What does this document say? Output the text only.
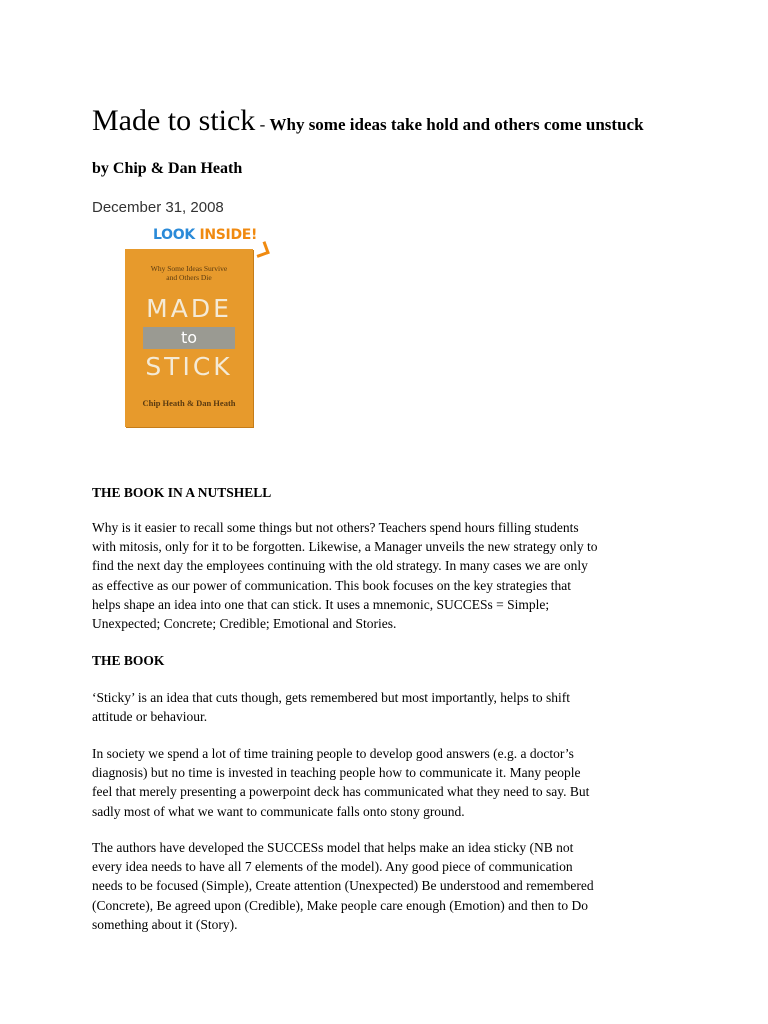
Made to stick - Why some ideas take hold and others come unstuck
by Chip & Dan Heath
December 31, 2008
LOOK INSIDE!
Why Some Ideas Survive
and Others Die
MADE
to
STICK
Chip Heath & Dan Heath
THE BOOK IN A NUTSHELL
Why is it easier to recall some things but not others? Teachers spend hours filling students
with mitosis, only for it to be forgotten. Likewise, a Manager unveils the new strategy only to
find the next day the employees continuing with the old strategy. In many cases we are only
as effective as our power of communication. This book focuses on the key strategies that
helps shape an idea into one that can stick. It uses a mnemonic, SUCCESs = Simple;
Unexpected; Concrete; Credible; Emotional and Stories.
THE BOOK
‘Sticky’ is an idea that cuts though, gets remembered but most importantly, helps to shift
attitude or behaviour.
In society we spend a lot of time training people to develop good answers (e.g. a doctor’s
diagnosis) but no time is invested in teaching people how to communicate it. Many people
feel that merely presenting a powerpoint deck has communicated what they need to say. But
sadly most of what we want to communicate falls onto stony ground.
The authors have developed the SUCCESs model that helps make an idea sticky (NB not
every idea needs to have all 7 elements of the model). Any good piece of communication
needs to be focused (Simple), Create attention (Unexpected) Be understood and remembered
(Concrete), Be agreed upon (Credible), Make people care enough (Emotion) and then to Do
something about it (Story).
